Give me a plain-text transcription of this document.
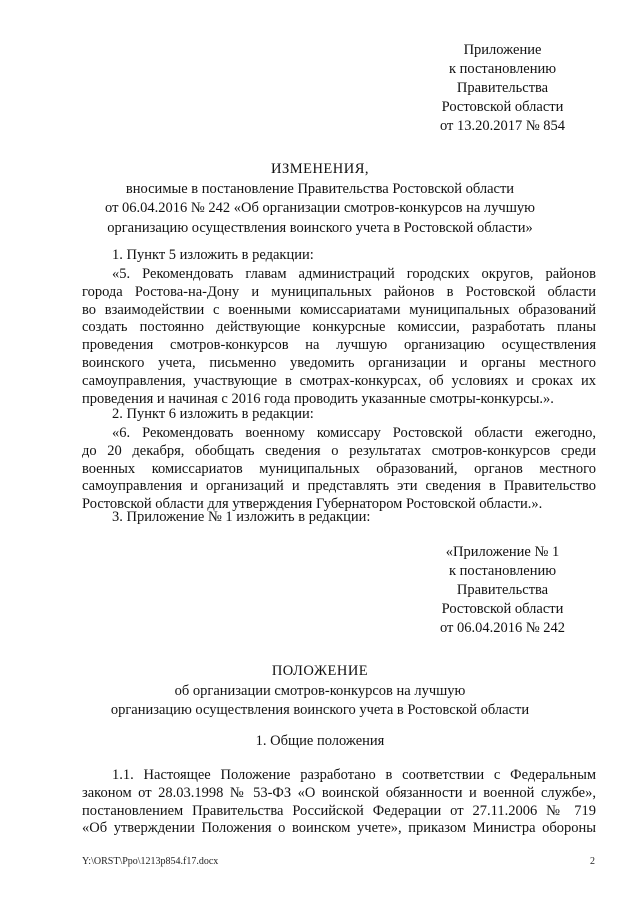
Приложение
к постановлению
Правительства
Ростовской области
от 13.20.2017 № 854
ИЗМЕНЕНИЯ,
вносимые в постановление Правительства Ростовской области
от 06.04.2016 № 242 «Об организации смотров-конкурсов на лучшую
организацию осуществления воинского учета в Ростовской области»
1. Пункт 5 изложить в редакции:
«5. Рекомендовать главам администраций городских округов, районов
города Ростова-на-Дону и муниципальных районов в Ростовской области
во взаимодействии с военными комиссариатами муниципальных образований
создать постоянно действующие конкурсные комиссии, разработать планы
проведения смотров-конкурсов на лучшую организацию осуществления
воинского учета, письменно уведомить организации и органы местного
самоуправления, участвующие в смотрах-конкурсах, об условиях и сроках их
проведения и начиная с 2016 года проводить указанные смотры-конкурсы.».
2. Пункт 6 изложить в редакции:
«6. Рекомендовать военному комиссару Ростовской области ежегодно,
до 20 декабря, обобщать сведения о результатах смотров-конкурсов среди
военных комиссариатов муниципальных образований, органов местного
самоуправления и организаций и представлять эти сведения в Правительство
Ростовской области для утверждения Губернатором Ростовской области.».
3. Приложение № 1 изложить в редакции:
«Приложение № 1
к постановлению
Правительства
Ростовской области
от 06.04.2016 № 242
ПОЛОЖЕНИЕ
об организации смотров-конкурсов на лучшую
организацию осуществления воинского учета в Ростовской области
1. Общие положения
1.1. Настоящее Положение разработано в соответствии с Федеральным
законом от 28.03.1998 № 53-ФЗ «О воинской обязанности и военной службе»,
постановлением Правительства Российской Федерации от 27.11.2006 № 719
«Об утверждении Положения о воинском учете», приказом Министра обороны
Y:\ORST\Ppo\1213p854.f17.docx	2
